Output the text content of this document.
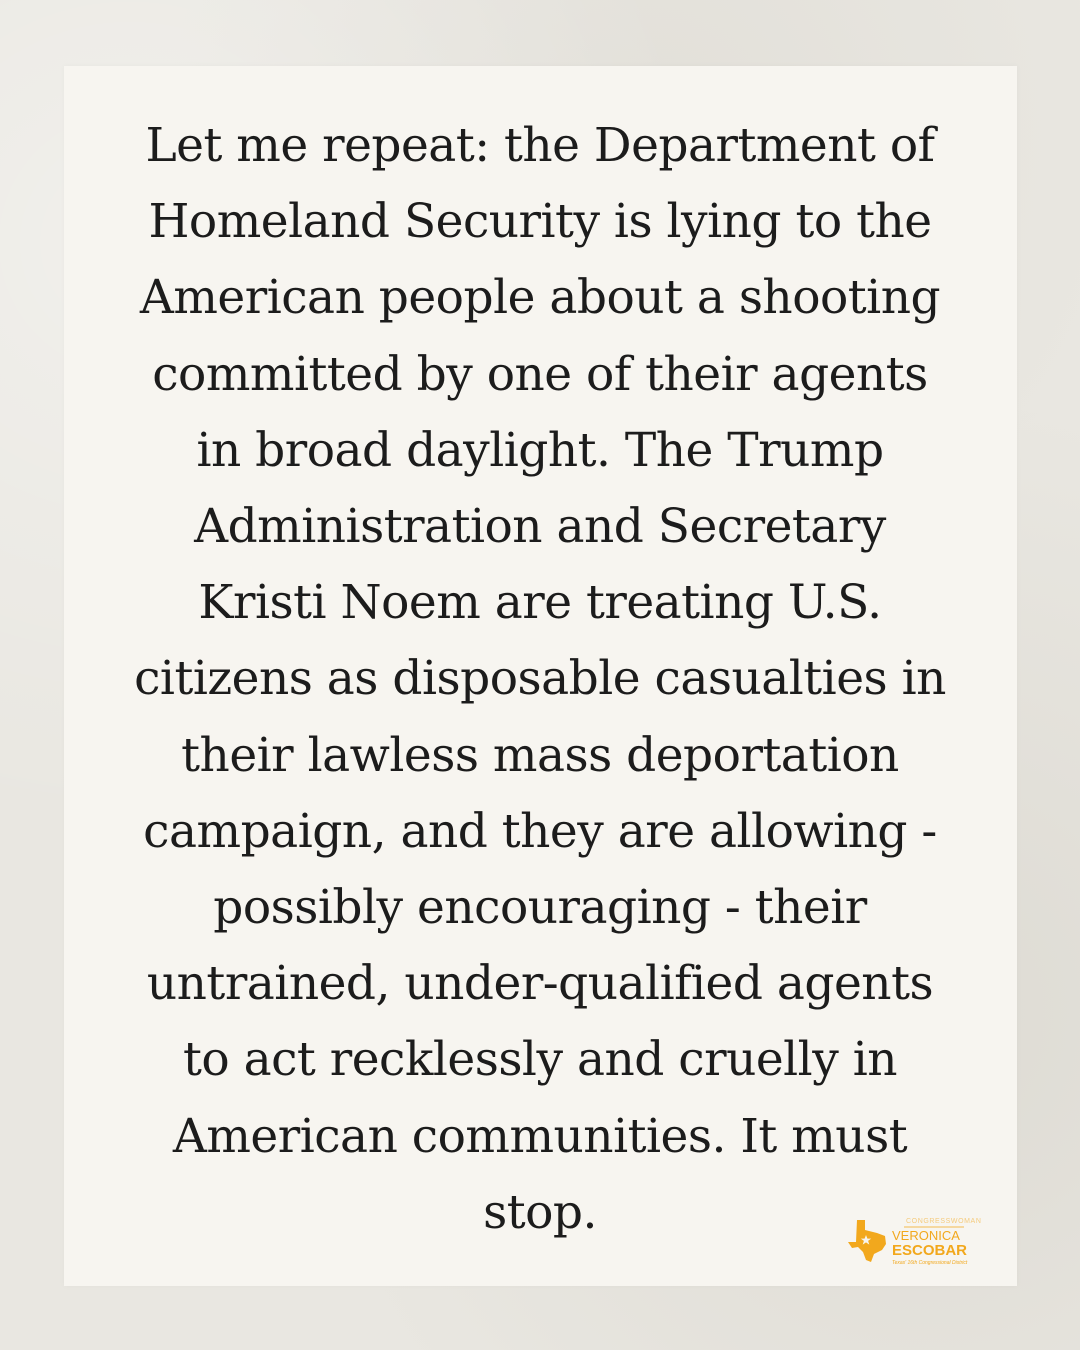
Let me repeat: the Department of
Homeland Security is lying to the
American people about a shooting
committed by one of their agents
in broad daylight. The Trump
Administration and Secretary
Kristi Noem are treating U.S.
citizens as disposable casualties in
their lawless mass deportation
campaign, and they are allowing -
possibly encouraging - their
untrained, under-qualified agents
to act recklessly and cruelly in
American communities. It must
stop.	CONGRESSWOMAN
VERONICA
ESCOBAR
Texas' 16th Congressional District
